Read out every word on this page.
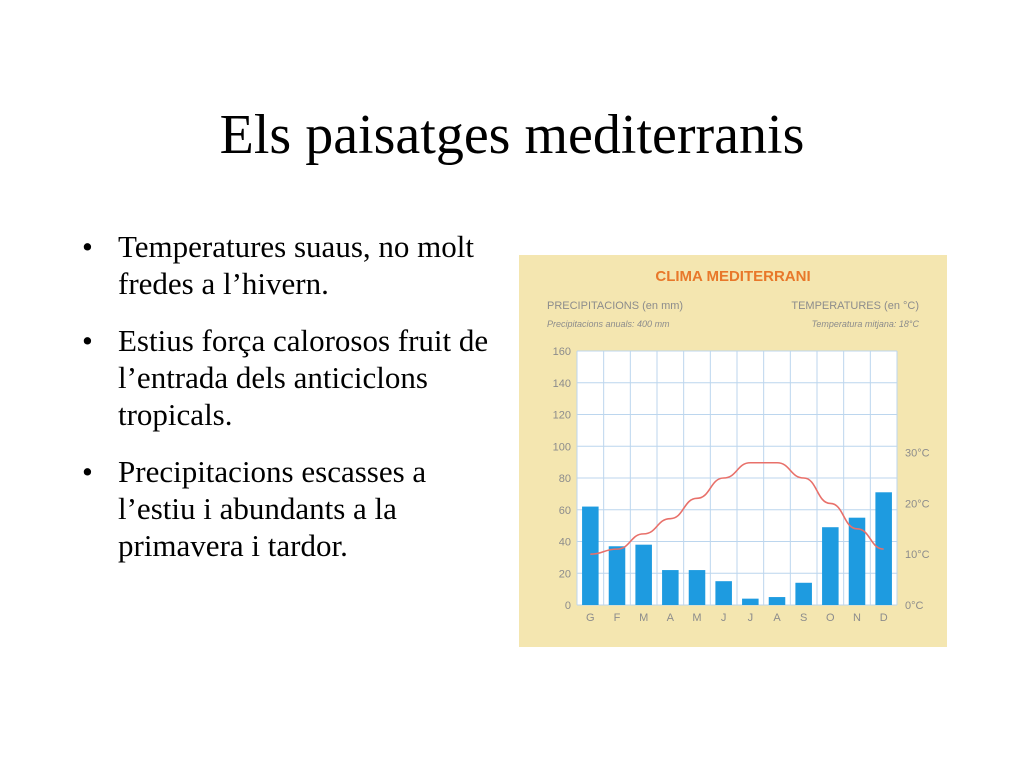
Els paisatges mediterranis
• Temperatures suaus, no molt fredes a l’hivern.
• Estius força calorosos fruit de l’entrada dels anticiclons tropicals.
• Precipitacions escasses a l’estiu i abundants a la primavera i tardor.
CLIMA MEDITERRANI
PRECIPITACIONS (en mm)
Precipitacions anuals: 400 mm
TEMPERATURES (en °C)
Temperatura mitjana: 18°C
0
20
40
60
80
100
120
140
160
0°C
10°C
20°C
30°C
G F M A M J J A S O N D
